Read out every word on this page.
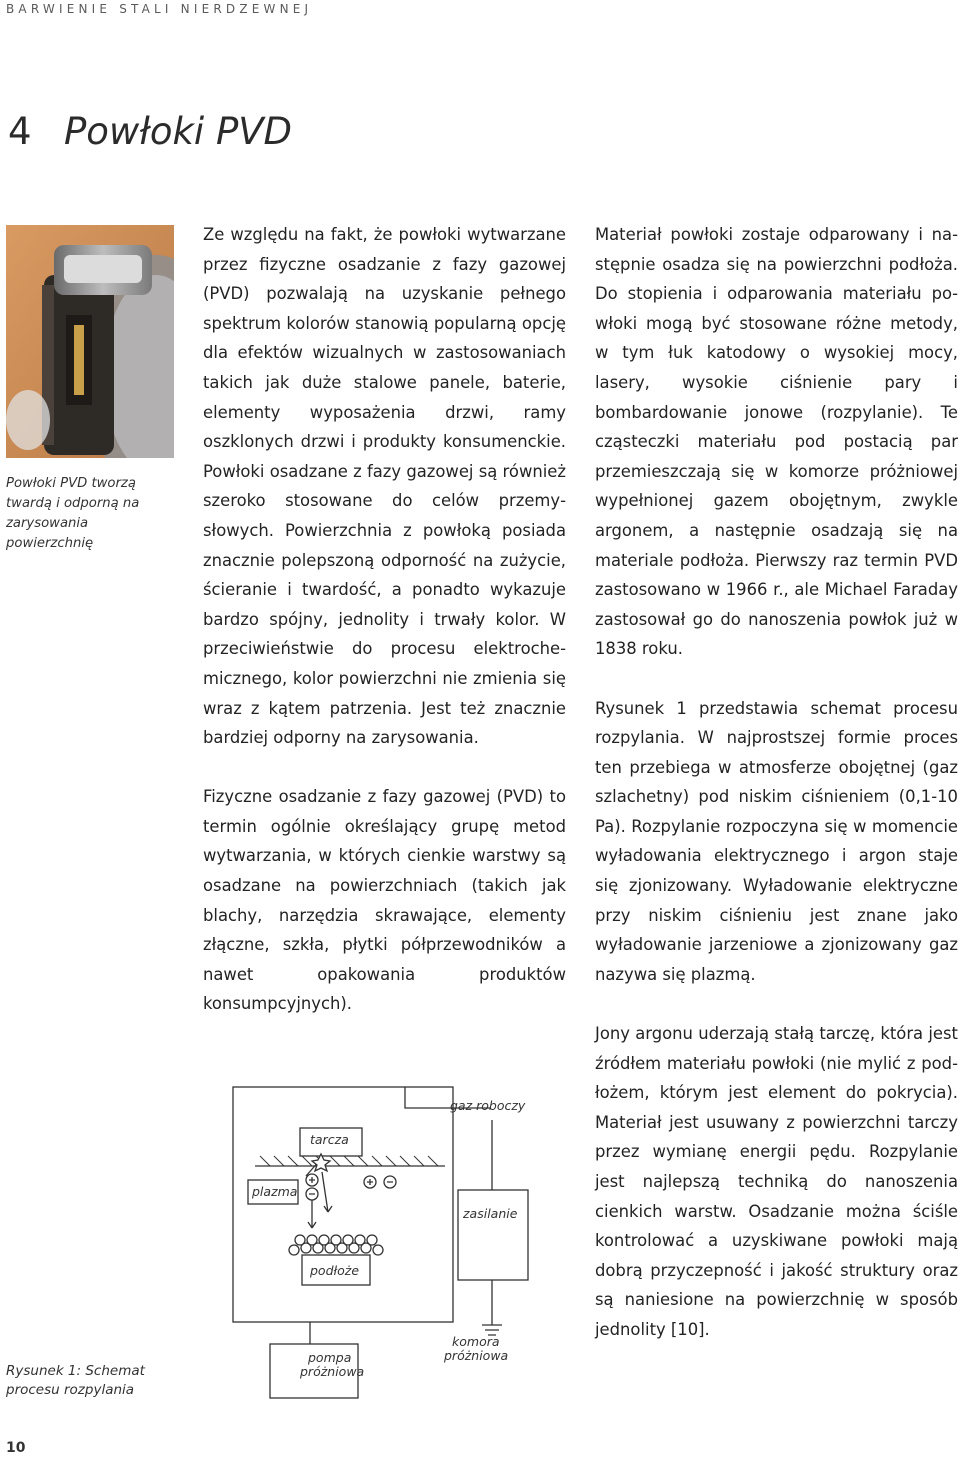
BARWIENIE STALI NIERDZEWNEJ
4 Powłoki PVD
Powłoki PVD tworzą twardą i odporną na zarysowania powierzchnię

Ze względu na fakt, że powłoki wytwarzane przez fizyczne osadzanie z fazy gazowej (PVD) pozwalają na uzyskanie pełnego spektrum kolorów stanowią popularną opcję dla efektów wizualnych w zastosowaniach takich jak duże stalowe panele, baterie, elementy wyposażenia drzwi, ramy oszklonych drzwi i produkty konsumenckie. Powłoki osadzane z fazy gazowej są również szeroko stosowane do celów przemysłowych. Powierzchnia z powłoką posiada znacznie polepszoną odporność na zużycie, ścieranie i twardość, a ponadto wykazuje bardzo spójny, jednolity i trwały kolor. W przeciwieństwie do procesu elektrochemicznego, kolor powierzchni nie zmienia się wraz z kątem patrzenia. Jest też znacznie bardziej odporny na zarysowania.

Fizyczne osadzanie z fazy gazowej (PVD) to termin ogólnie określający grupę metod wytwarzania, w których cienkie warstwy są osadzane na powierzchniach (takich jak blachy, narzędzia skrawające, elementy złączne, szkła, płytki półprzewodników a nawet opakowania produktów konsumpcyjnych).

Materiał powłoki zostaje odparowany i następnie osadza się na powierzchni podłoża. Do stopienia i odparowania materiału powłoki mogą być stosowane różne metody, w tym łuk katodowy o wysokiej mocy, lasery, wysokie ciśnienie pary i bombardowanie jonowe (rozpylanie). Te cząsteczki materiału pod postacią par przemieszczają się w komorze próżniowej wypełnionej gazem obojętnym, zwykle argonem, a następnie osadzają się na materiale podłoża. Pierwszy raz termin PVD zastosowano w 1966 r., ale Michael Faraday zastosował go do nanoszenia powłok już w 1838 roku.

Rysunek 1 przedstawia schemat procesu rozpylania. W najprostszej formie proces ten przebiega w atmosferze obojętnej (gaz szlachetny) pod niskim ciśnieniem (0,1-10 Pa). Rozpylanie rozpoczyna się w momencie wyładowania elektrycznego i argon staje się zjonizowany. Wyładowanie elektryczne przy niskim ciśnieniu jest znane jako wyładowanie jarzeniowe a zjonizowany gaz nazywa się plazmą.

Jony argonu uderzają stałą tarczę, która jest źródłem materiału powłoki (nie mylić z podłożem, którym jest element do pokrycia). Materiał jest usuwany z powierzchni tarczy przez wymianę energii pędu. Rozpylanie jest najlepszą techniką do nanoszenia cienkich warstw. Osadzanie można ściśle kontrolować a uzyskiwane powłoki mają dobrą przyczepność i jakość struktury oraz są naniesione na powierzchnię w sposób jednolity [10].

tarcza
plazma
podłoże
gaz roboczy
zasilanie
komora
próżniowa
pompa
próżniowa
Rysunek 1: Schemat procesu rozpylania
10
